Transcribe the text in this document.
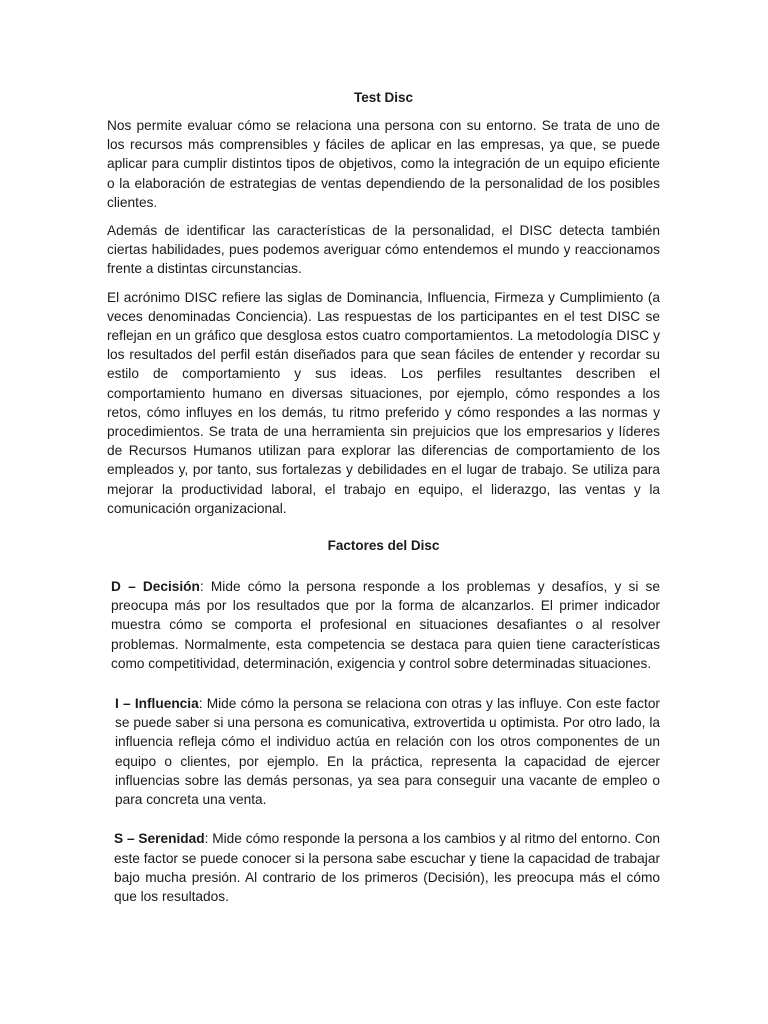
Test Disc

Nos permite evaluar cómo se relaciona una persona con su entorno. Se trata de uno de los recursos más comprensibles y fáciles de aplicar en las empresas, ya que, se puede aplicar para cumplir distintos tipos de objetivos, como la integración de un equipo eficiente o la elaboración de estrategias de ventas dependiendo de la personalidad de los posibles clientes.

Además de identificar las características de la personalidad, el DISC detecta también ciertas habilidades, pues podemos averiguar cómo entendemos el mundo y reaccionamos frente a distintas circunstancias.

El acrónimo DISC refiere las siglas de Dominancia, Influencia, Firmeza y Cumplimiento (a veces denominadas Conciencia). Las respuestas de los participantes en el test DISC se reflejan en un gráfico que desglosa estos cuatro comportamientos. La metodología DISC y los resultados del perfil están diseñados para que sean fáciles de entender y recordar su estilo de comportamiento y sus ideas. Los perfiles resultantes describen el comportamiento humano en diversas situaciones, por ejemplo, cómo respondes a los retos, cómo influyes en los demás, tu ritmo preferido y cómo respondes a las normas y procedimientos. Se trata de una herramienta sin prejuicios que los empresarios y líderes de Recursos Humanos utilizan para explorar las diferencias de comportamiento de los empleados y, por tanto, sus fortalezas y debilidades en el lugar de trabajo. Se utiliza para mejorar la productividad laboral, el trabajo en equipo, el liderazgo, las ventas y la comunicación organizacional.

Factores del Disc

D – Decisión: Mide cómo la persona responde a los problemas y desafíos, y si se preocupa más por los resultados que por la forma de alcanzarlos. El primer indicador muestra cómo se comporta el profesional en situaciones desafiantes o al resolver problemas. Normalmente, esta competencia se destaca para quien tiene características como competitividad, determinación, exigencia y control sobre determinadas situaciones.

I – Influencia: Mide cómo la persona se relaciona con otras y las influye. Con este factor se puede saber si una persona es comunicativa, extrovertida u optimista. Por otro lado, la influencia refleja cómo el individuo actúa en relación con los otros componentes de un equipo o clientes, por ejemplo. En la práctica, representa la capacidad de ejercer influencias sobre las demás personas, ya sea para conseguir una vacante de empleo o para concreta una venta.

S – Serenidad: Mide cómo responde la persona a los cambios y al ritmo del entorno. Con este factor se puede conocer si la persona sabe escuchar y tiene la capacidad de trabajar bajo mucha presión. Al contrario de los primeros (Decisión), les preocupa más el cómo que los resultados.
